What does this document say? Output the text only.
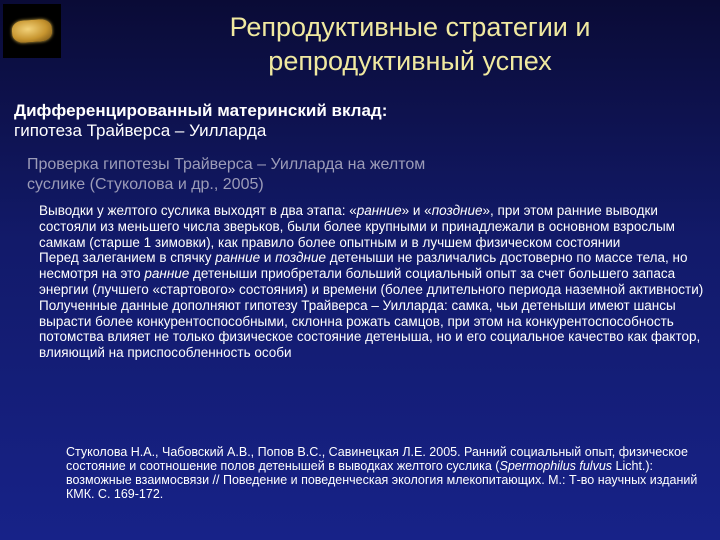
Репродуктивные стратегии и
репродуктивный успех
Дифференцированный материнский вклад:
гипотеза Трайверса – Уилларда
Проверка гипотезы Трайверса – Уилларда на желтом
суслике (Стуколова и др., 2005)

Выводки у желтого суслика выходят в два этапа: «ранние» и «поздние», при этом ранние выводки состояли из меньшего числа зверьков, были более крупными и принадлежали в основном взрослым самкам (старше 1 зимовки), как правило более опытным и в лучшем физическом состоянии

Перед залеганием в спячку ранние и поздние детеныши не различались достоверно по массе тела, но несмотря на это ранние детеныши приобретали больший социальный опыт за счет большего запаса энергии (лучшего «стартового» состояния) и времени (более длительного периода наземной активности)

Полученные данные дополняют гипотезу Трайверса – Уилларда: самка, чьи детеныши имеют шансы вырасти более конкурентоспособными, склонна рожать самцов, при этом на конкурентоспособность потомства влияет не только физическое состояние детеныша, но и его социальное качество как фактор, влияющий на приспособленность особи

Стуколова Н.А., Чабовский А.В., Попов В.С., Савинецкая Л.Е. 2005. Ранний социальный опыт, физическое состояние и соотношение полов детенышей в выводках желтого суслика (Spermophilus fulvus Licht.): возможные взаимосвязи // Поведение и поведенческая экология млекопитающих. М.: Т-во научных изданий КМК. С. 169-172.
